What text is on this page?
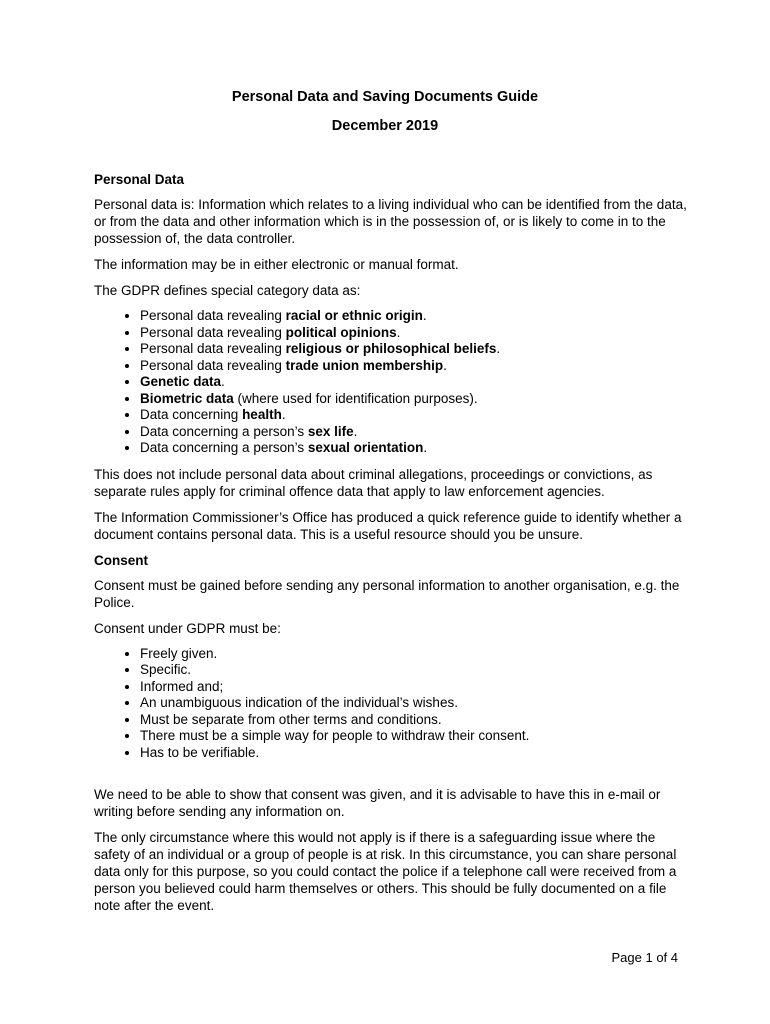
Personal Data and Saving Documents Guide
December 2019
Personal Data

Personal data is: Information which relates to a living individual who can be identified from the data, or from the data and other information which is in the possession of, or is likely to come in to the possession of, the data controller.

The information may be in either electronic or manual format.

The GDPR defines special category data as:

• Personal data revealing racial or ethnic origin.
• Personal data revealing political opinions.
• Personal data revealing religious or philosophical beliefs.
• Personal data revealing trade union membership.
• Genetic data.
• Biometric data (where used for identification purposes).
• Data concerning health.
• Data concerning a person’s sex life.
• Data concerning a person’s sexual orientation.

This does not include personal data about criminal allegations, proceedings or convictions, as separate rules apply for criminal offence data that apply to law enforcement agencies.

The Information Commissioner’s Office has produced a quick reference guide to identify whether a document contains personal data. This is a useful resource should you be unsure.

Consent

Consent must be gained before sending any personal information to another organisation, e.g. the Police.

Consent under GDPR must be:

• Freely given.
• Specific.
• Informed and;
• An unambiguous indication of the individual’s wishes.
• Must be separate from other terms and conditions.
• There must be a simple way for people to withdraw their consent.
• Has to be verifiable.

We need to be able to show that consent was given, and it is advisable to have this in e-mail or writing before sending any information on.

The only circumstance where this would not apply is if there is a safeguarding issue where the safety of an individual or a group of people is at risk. In this circumstance, you can share personal data only for this purpose, so you could contact the police if a telephone call were received from a person you believed could harm themselves or others. This should be fully documented on a file note after the event.

Page 1 of 4
